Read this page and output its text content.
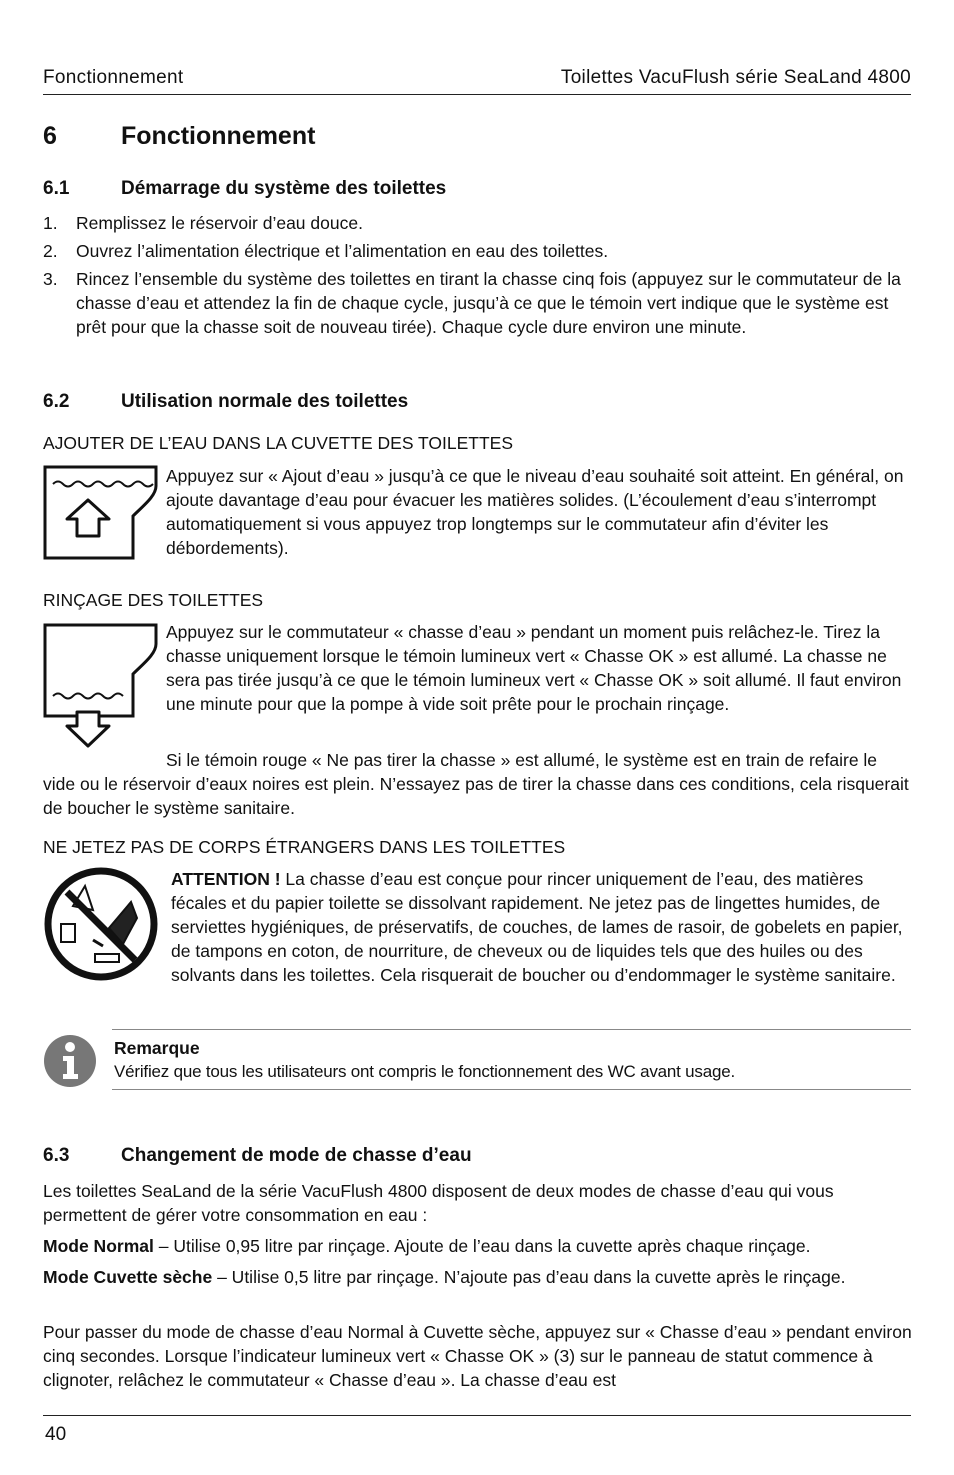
Fonctionnement	Toilettes VacuFlush série SeaLand 4800
6	Fonctionnement
6.1	Démarrage du système des toilettes
1. Remplissez le réservoir d’eau douce.
2. Ouvrez l’alimentation électrique et l’alimentation en eau des toilettes.
3. Rincez l’ensemble du système des toilettes en tirant la chasse cinq fois (appuyez sur le commutateur de la chasse d’eau et attendez la fin de chaque cycle, jusqu’à ce que le témoin vert indique que le système est prêt pour que la chasse soit de nouveau tirée). Chaque cycle dure environ une minute.
6.2	Utilisation normale des toilettes
AJOUTER DE L’EAU DANS LA CUVETTE DES TOILETTES
Appuyez sur « Ajout d’eau » jusqu’à ce que le niveau d’eau souhaité soit atteint. En général, on ajoute davantage d’eau pour évacuer les matières solides. (L’écoulement d’eau s’interrompt automatiquement si vous appuyez trop longtemps sur le commutateur afin d’éviter les débordements).
RINÇAGE DES TOILETTES
Appuyez sur le commutateur « chasse d’eau » pendant un moment puis relâchez-le. Tirez la chasse uniquement lorsque le témoin lumineux vert « Chasse OK » est allumé. La chasse ne sera pas tirée jusqu’à ce que le témoin lumineux vert « Chasse OK » soit allumé. Il faut environ une minute pour que la pompe à vide soit prête pour le prochain rinçage.
Si le témoin rouge « Ne pas tirer la chasse » est allumé, le système est en train de refaire le vide ou le réservoir d’eaux noires est plein. N’essayez pas de tirer la chasse dans ces conditions, cela risquerait de boucher le système sanitaire.
NE JETEZ PAS DE CORPS ÉTRANGERS DANS LES TOILETTES
ATTENTION ! La chasse d’eau est conçue pour rincer uniquement de l’eau, des matières fécales et du papier toilette se dissolvant rapidement. Ne jetez pas de lingettes humides, de serviettes hygiéniques, de préservatifs, de couches, de lames de rasoir, de gobelets en papier, de tampons en coton, de nourriture, de cheveux ou de liquides tels que des huiles ou des solvants dans les toilettes. Cela risquerait de boucher ou d’endommager le système sanitaire.
Remarque
Vérifiez que tous les utilisateurs ont compris le fonctionnement des WC avant usage.
6.3	Changement de mode de chasse d’eau
Les toilettes SeaLand de la série VacuFlush 4800 disposent de deux modes de chasse d’eau qui vous permettent de gérer votre consommation en eau :
Mode Normal – Utilise 0,95 litre par rinçage. Ajoute de l’eau dans la cuvette après chaque rinçage.
Mode Cuvette sèche – Utilise 0,5 litre par rinçage. N’ajoute pas d’eau dans la cuvette après le rinçage.
Pour passer du mode de chasse d’eau Normal à Cuvette sèche, appuyez sur « Chasse d’eau » pendant environ cinq secondes. Lorsque l’indicateur lumineux vert « Chasse OK » (3) sur le panneau de statut commence à clignoter, relâchez le commutateur « Chasse d’eau ». La chasse d’eau est
40
